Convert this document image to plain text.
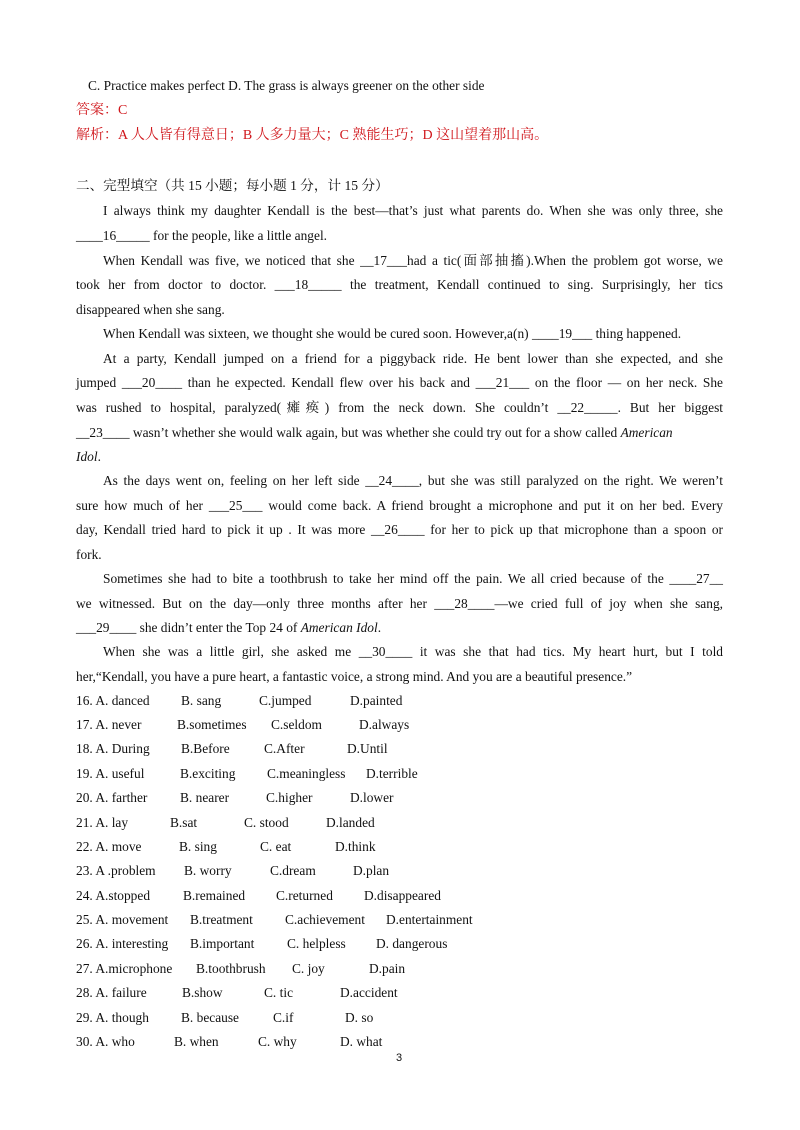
C. Practice makes perfect D. The grass is always greener on the other side
答案：C
解析：A 人人皆有得意日；B 人多力量大；C 熟能生巧；D 这山望着那山高。
二、完型填空（共 15 小题；每小题 1 分，计 15 分）
I always think my daughter Kendall is the best—that’s just what parents do. When she was only three, she
____16_____ for the people, like a little angel.
When Kendall was five, we noticed that she __17___had a tic(面部抽搐).When the problem got worse, we
took her from doctor to doctor. ___18_____ the treatment, Kendall continued to sing. Surprisingly, her tics
disappeared when she sang.
When Kendall was sixteen, we thought she would be cured soon. However,a(n) ____19___ thing happened.
At a party, Kendall jumped on a friend for a piggyback ride. He bent lower than she expected, and she
jumped ___20____ than he expected. Kendall flew over his back and ___21___ on the floor — on her neck. She
was rushed to hospital, paralyzed(瘫痪) from the neck down. She couldn’t __22_____. But her biggest
__23____ wasn’t whether she would walk again, but was whether she could try out for a show called American
Idol.
As the days went on, feeling on her left side __24____, but she was still paralyzed on the right. We weren’t
sure how much of her ___25___ would come back. A friend brought a microphone and put it on her bed. Every
day, Kendall tried hard to pick it up . It was more __26____ for her to pick up that microphone than a spoon or
fork.
Sometimes she had to bite a toothbrush to take her mind off the pain. We all cried because of the ____27__
we witnessed. But on the day—only three months after her ___28____—we cried full of joy when she sang,
___29____ she didn’t enter the Top 24 of American Idol.
When she was a little girl, she asked me __30____ it was she that had tics. My heart hurt, but I told
her,“Kendall, you have a pure heart, a fantastic voice, a strong mind. And you are a beautiful presence.”
16. A. danced B. sang	C.jumped	D.painted
17. A. never	B.sometimes C.seldom	D.always
18. A. During B.Before	C.After	D.Until
19. A. useful	B.exciting C.meaningless D.terrible
20. A. farther B. nearer	C.higher	D.lower
21. A. lay	B.sat	C. stood	D.landed
22. A. move	B. sing	C. eat	D.think
23. A .problem B. worry	C.dream	D.plan
24. A.stopped B.remained C.returned D.disappeared
25. A. movement B.treatment C.achievement D.entertainment
26. A. interesting B.important C. helpless D. dangerous
27. A.microphone B.toothbrush C. joy	D.pain
28. A. failure	B.show	C. tic	D.accident
29. A. though B. because	C.if	D. so
30. A. who	B. when	C. why	D. what
3
